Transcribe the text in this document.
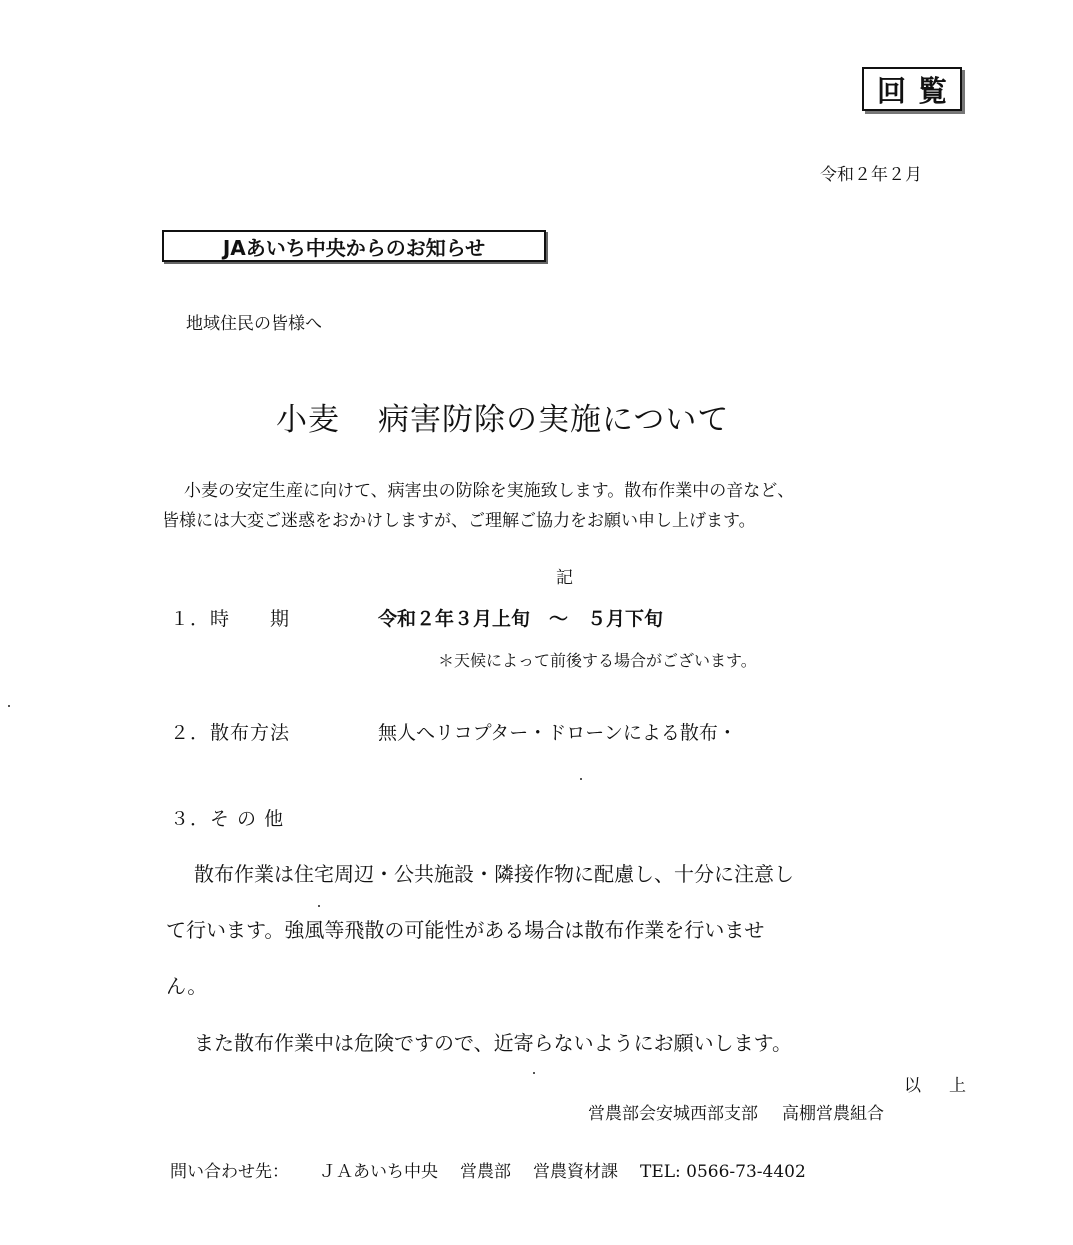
回覧
令和２年２月
JAあいち中央からのお知らせ
地域住民の皆様へ
小麦 病害防除の実施について
小麦の安定生産に向けて、病害虫の防除を実施致します。散布作業中の音など、
皆様には大変ご迷惑をおかけしますが、ご理解ご協力をお願い申し上げます。
記
１．時　　期	令和２年３月上旬　～　５月下旬
＊天候によって前後する場合がございます。
２．散布方法	無人へリコプター・ドローンによる散布・
３．そ の 他
散布作業は住宅周辺・公共施設・隣接作物に配慮し、十分に注意し
て行います。強風等飛散の可能性がある場合は散布作業を行いませ
ん。
また散布作業中は危険ですので、近寄らないようにお願いします。
以 上
営農部会安城西部支部 高棚営農組合
問い合わせ先： ＪＡあいち中央 営農部 営農資材課 TEL: 0566-73-4402
